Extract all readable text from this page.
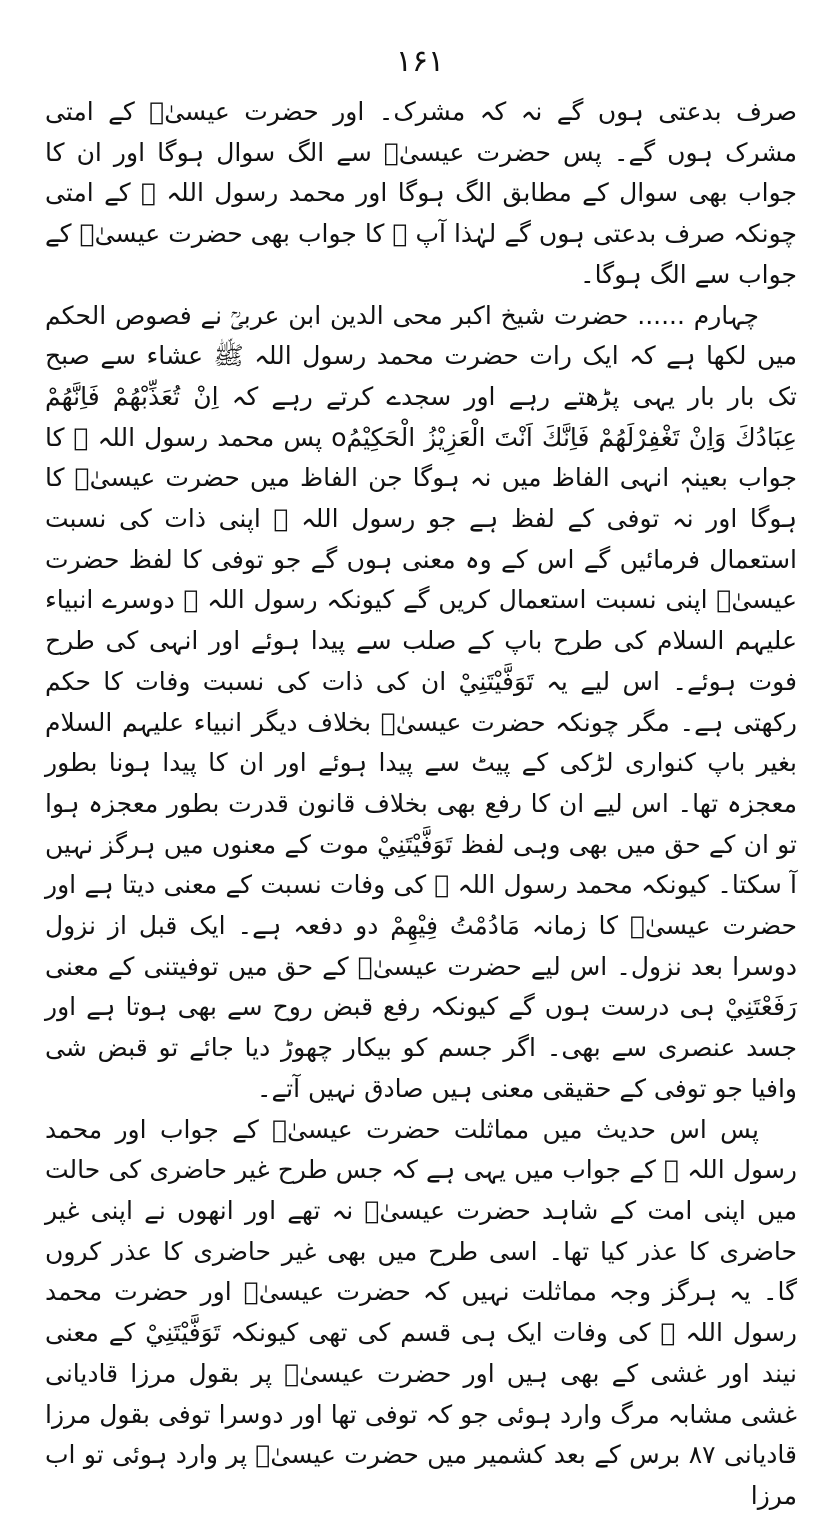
۱۶۱

صرف بدعتی ہوں گے نہ کہ مشرک۔ اور حضرت عیسیٰؑ کے امتی مشرک ہوں گے۔ پس حضرت عیسیٰؑ سے الگ سوال ہوگا اور ان کا جواب بھی سوال کے مطابق الگ ہوگا اور محمد رسول اللہ ﷺ کے امتی چونکہ صرف بدعتی ہوں گے لہٰذا آپ ﷺ کا جواب بھی حضرت عیسیٰؑ کے جواب سے الگ ہوگا۔

چہارم ...... حضرت شیخ اکبر محی الدین ابن عربیؒ نے فصوص الحکم میں لکھا ہے کہ ایک رات حضرت محمد رسول اللہ ﷺ عشاء سے صبح تک بار بار یہی پڑھتے رہے اور سجدے کرتے رہے کہ اِنْ تُعَذِّبْهُمْ فَاِنَّهُمْ عِبَادُكَ وَاِنْ تَغْفِرْلَهُمْ فَاِنَّكَ اَنْتَ الْعَزِيْزُ الْحَكِيْمُo پس محمد رسول اللہ ﷺ کا جواب بعینہٖ انہی الفاظ میں نہ ہوگا جن الفاظ میں حضرت عیسیٰؑ کا ہوگا اور نہ توفی کے لفظ ہے جو رسول اللہ ﷺ اپنی ذات کی نسبت استعمال فرمائیں گے اس کے وہ معنی ہوں گے جو توفی کا لفظ حضرت عیسیٰؑ اپنی نسبت استعمال کریں گے کیونکہ رسول اللہ ﷺ دوسرے انبیاء علیہم السلام کی طرح باپ کے صلب سے پیدا ہوئے اور انہی کی طرح فوت ہوئے۔ اس لیے یہ تَوَفَّيْتَنِيْ ان کی ذات کی نسبت وفات کا حکم رکھتی ہے۔ مگر چونکہ حضرت عیسیٰؑ بخلاف دیگر انبیاء علیہم السلام بغیر باپ کنواری لڑکی کے پیٹ سے پیدا ہوئے اور ان کا پیدا ہونا بطور معجزہ تھا۔ اس لیے ان کا رفع بھی بخلاف قانون قدرت بطور معجزہ ہوا تو ان کے حق میں بھی وہی لفظ تَوَفَّيْتَنِيْ موت کے معنوں میں ہرگز نہیں آ سکتا۔ کیونکہ محمد رسول اللہ ﷺ کی وفات نسبت کے معنی دیتا ہے اور حضرت عیسیٰؑ کا زمانہ مَادُمْتُ فِيْهِمْ دو دفعہ ہے۔ ایک قبل از نزول دوسرا بعد نزول۔ اس لیے حضرت عیسیٰؑ کے حق میں توفیتنی کے معنی رَفَعْتَنِيْ ہی درست ہوں گے کیونکہ رفع قبض روح سے بھی ہوتا ہے اور جسد عنصری سے بھی۔ اگر جسم کو بیکار چھوڑ دیا جائے تو قبض شی وافیا جو توفی کے حقیقی معنی ہیں صادق نہیں آتے۔

پس اس حدیث میں مماثلت حضرت عیسیٰؑ کے جواب اور محمد رسول اللہ ﷺ کے جواب میں یہی ہے کہ جس طرح غیر حاضری کی حالت میں اپنی امت کے شاہد حضرت عیسیٰؑ نہ تھے اور انھوں نے اپنی غیر حاضری کا عذر کیا تھا۔ اسی طرح میں بھی غیر حاضری کا عذر کروں گا۔ یہ ہرگز وجہ مماثلت نہیں کہ حضرت عیسیٰؑ اور حضرت محمد رسول اللہ ﷺ کی وفات ایک ہی قسم کی تھی کیونکہ تَوَفَّيْتَنِيْ کے معنی نیند اور غشی کے بھی ہیں اور حضرت عیسیٰؑ پر بقول مرزا قادیانی غشی مشابہ مرگ وارد ہوئی جو کہ توفی تھا اور دوسرا توفی بقول مرزا قادیانی ۸۷ برس کے بعد کشمیر میں حضرت عیسیٰؑ پر وارد ہوئی تو اب مرزا
